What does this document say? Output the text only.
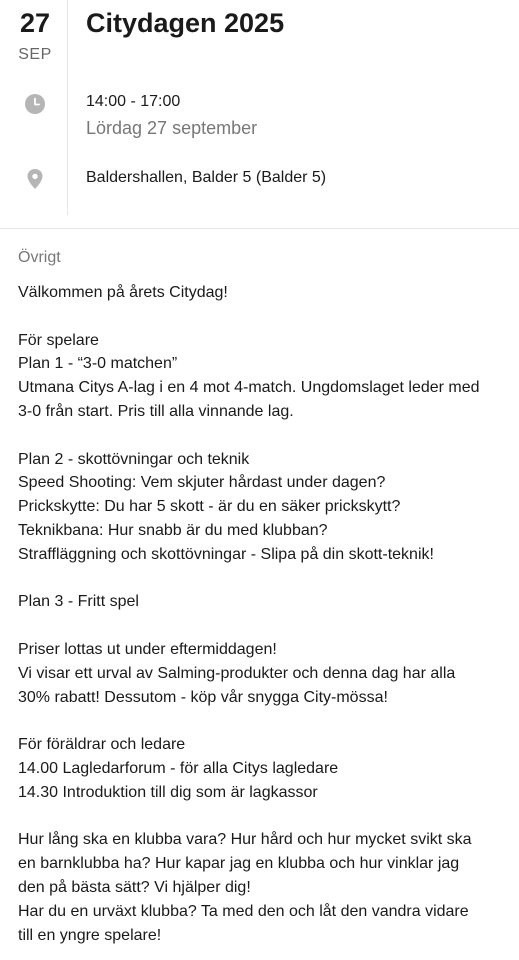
27
SEP
Citydagen 2025
14:00 - 17:00
Lördag 27 september
Baldershallen, Balder 5 (Balder 5)
Övrigt
Välkommen på årets Citydag!
För spelare
Plan 1 - “3-0 matchen”
Utmana Citys A-lag i en 4 mot 4-match. Ungdomslaget leder med
3-0 från start. Pris till alla vinnande lag.
Plan 2 - skottövningar och teknik
Speed Shooting: Vem skjuter hårdast under dagen?
Prickskytte: Du har 5 skott - är du en säker prickskytt?
Teknikbana: Hur snabb är du med klubban?
Straffläggning och skottövningar - Slipa på din skott-teknik!
Plan 3 - Fritt spel
Priser lottas ut under eftermiddagen!
Vi visar ett urval av Salming-produkter och denna dag har alla
30% rabatt! Dessutom - köp vår snygga City-mössa!
För föräldrar och ledare
14.00 Lagledarforum - för alla Citys lagledare
14.30 Introduktion till dig som är lagkassor
Hur lång ska en klubba vara? Hur hård och hur mycket svikt ska
en barnklubba ha? Hur kapar jag en klubba och hur vinklar jag
den på bästa sätt? Vi hjälper dig!
Har du en urväxt klubba? Ta med den och låt den vandra vidare
till en yngre spelare!
